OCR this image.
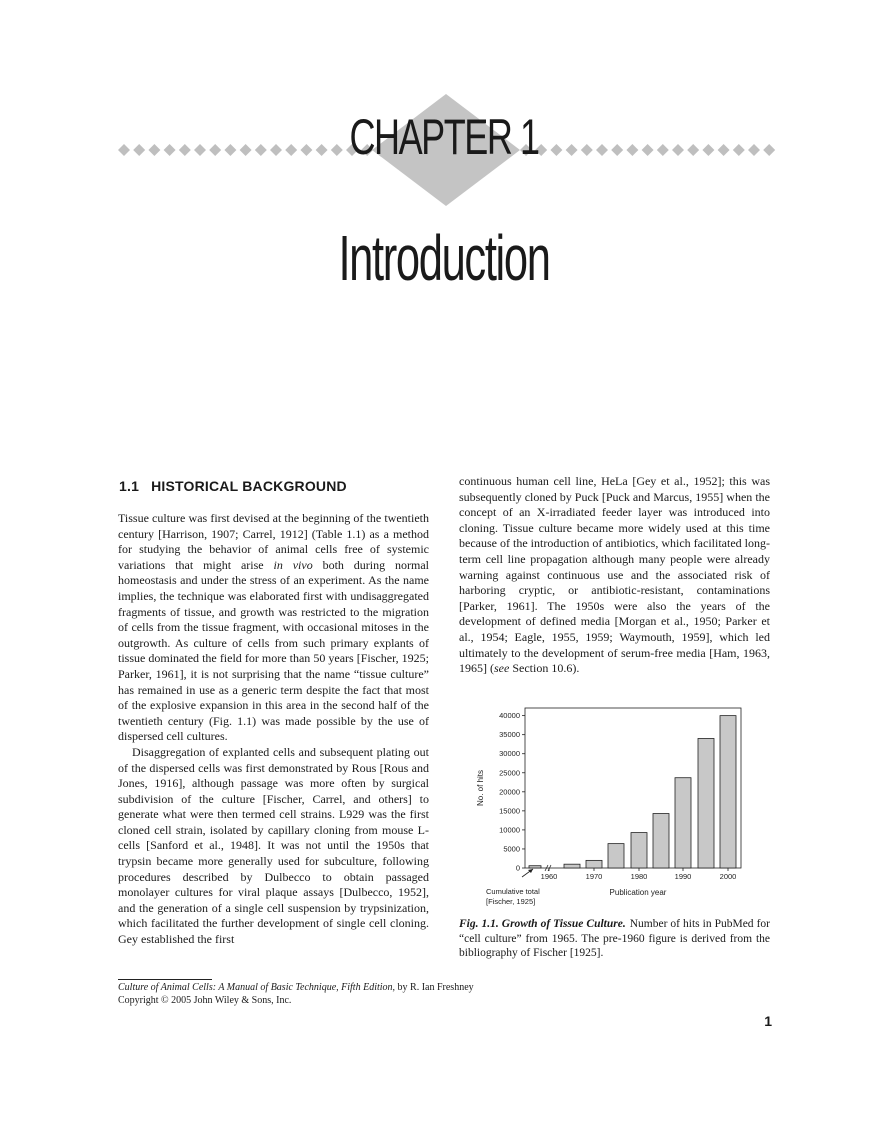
CHAPTER 1
Introduction
1.1 HISTORICAL BACKGROUND

Tissue culture was first devised at the beginning of the twentieth century [Harrison, 1907; Carrel, 1912] (Table 1.1) as a method for studying the behavior of animal cells free of systemic variations that might arise in vivo both during normal homeostasis and under the stress of an experiment. As the name implies, the technique was elaborated first with undisaggregated fragments of tissue, and growth was restricted to the migration of cells from the tissue fragment, with occasional mitoses in the outgrowth. As culture of cells from such primary explants of tissue dominated the field for more than 50 years [Fischer, 1925; Parker, 1961], it is not surprising that the name “tissue culture” has remained in use as a generic term despite the fact that most of the explosive expansion in this area in the second half of the twentieth century (Fig. 1.1) was made possible by the use of dispersed cell cultures.

Disaggregation of explanted cells and subsequent plating out of the dispersed cells was first demonstrated by Rous [Rous and Jones, 1916], although passage was more often by surgical subdivision of the culture [Fischer, Carrel, and others] to generate what were then termed cell strains. L929 was the first cloned cell strain, isolated by capillary cloning from mouse L-cells [Sanford et al., 1948]. It was not until the 1950s that trypsin became more generally used for subculture, following procedures described by Dulbecco to obtain passaged monolayer cultures for viral plaque assays [Dulbecco, 1952], and the generation of a single cell suspension by trypsinization, which facilitated the further development of single cell cloning. Gey established the first

continuous human cell line, HeLa [Gey et al., 1952]; this was subsequently cloned by Puck [Puck and Marcus, 1955] when the concept of an X-irradiated feeder layer was introduced into cloning. Tissue culture became more widely used at this time because of the introduction of antibiotics, which facilitated long-term cell line propagation although many people were already warning against continuous use and the associated risk of harboring cryptic, or antibiotic-resistant, contaminations [Parker, 1961]. The 1950s were also the years of the development of defined media [Morgan et al., 1950; Parker et al., 1954; Eagle, 1955, 1959; Waymouth, 1959], which led ultimately to the development of serum-free media [Ham, 1963, 1965] (see Section 10.6).

0
5000
10000
15000
20000
25000
30000
35000
40000
No. of hits
1960	1970	1980	1990	2000
Publication year
Cumulative total
[Fischer, 1925]

Fig. 1.1. Growth of Tissue Culture. Number of hits in PubMed for “cell culture” from 1965. The pre-1960 figure is derived from the bibliography of Fischer [1925].

Culture of Animal Cells: A Manual of Basic Technique, Fifth Edition, by R. Ian Freshney
Copyright © 2005 John Wiley & Sons, Inc.
1
